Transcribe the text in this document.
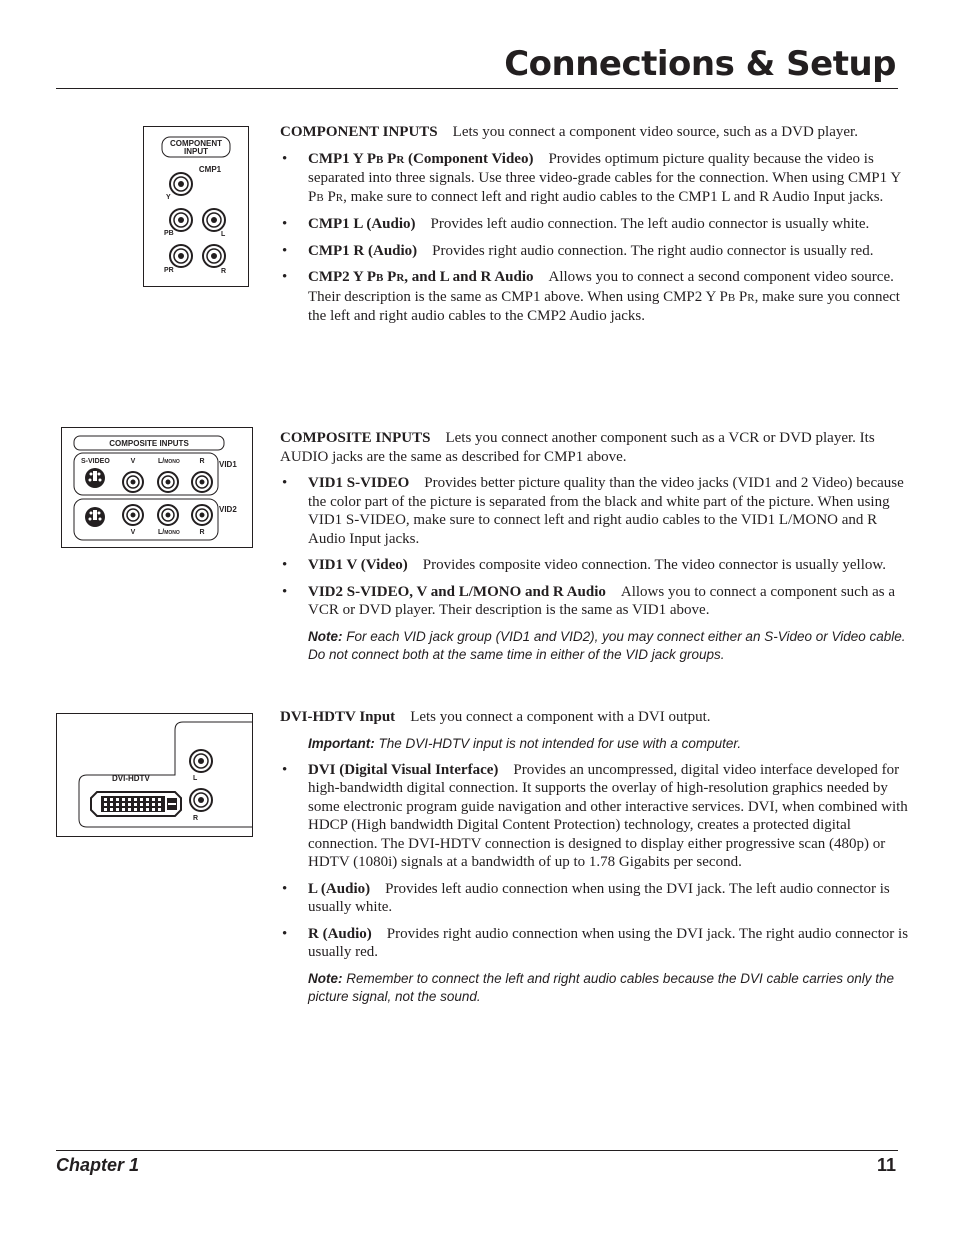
Connections & Setup
COMPONENT
INPUT
CMP1
Y
PB	L
PR	R
COMPOSITE INPUTS
S-VIDEO	V	L/MONO	R VID1
V	L/MONO	R
VID2
DVI-HDTV	L
R

COMPONENT INPUTS Lets you connect a component video source, such as a DVD player.

• CMP1 Y PB PR (Component Video) Provides optimum picture quality because the video is separated into three signals. Use three video-grade cables for the connection. When using CMP1 Y PB PR, make sure to connect left and right audio cables to the CMP1 L and R Audio Input jacks.
• CMP1 L (Audio) Provides left audio connection. The left audio connector is usually white.
• CMP1 R (Audio) Provides right audio connection. The right audio connector is usually red.
• CMP2 Y PB PR, and L and R Audio Allows you to connect a second component video source. Their description is the same as CMP1 above. When using CMP2 Y PB PR, make sure you connect the left and right audio cables to the CMP2 Audio jacks.

COMPOSITE INPUTS Lets you connect another component such as a VCR or DVD player. Its AUDIO jacks are the same as described for CMP1 above.

• VID1 S-VIDEO Provides better picture quality than the video jacks (VID1 and 2 Video) because the color part of the picture is separated from the black and white part of the picture. When using VID1 S-VIDEO, make sure to connect left and right audio cables to the VID1 L/MONO and R Audio Input jacks.
• VID1 V (Video) Provides composite video connection. The video connector is usually yellow.
• VID2 S-VIDEO, V and L/MONO and R Audio Allows you to connect a component such as a VCR or DVD player. Their description is the same as VID1 above.
Note: For each VID jack group (VID1 and VID2), you may connect either an S-Video or Video cable. Do not connect both at the same time in either of the VID jack groups.

DVI-HDTV Input Lets you connect a component with a DVI output.

Important: The DVI-HDTV input is not intended for use with a computer.
• DVI (Digital Visual Interface) Provides an uncompressed, digital video interface developed for high-bandwidth digital connection. It supports the overlay of high-resolution graphics needed by some electronic program guide navigation and other interactive services. DVI, when combined with HDCP (High bandwidth Digital Content Protection) technology, creates a protected digital connection. The DVI-HDTV connection is designed to display either progressive scan (480p) or HDTV (1080i) signals at a bandwidth of up to 1.78 Gigabits per second.
• L (Audio) Provides left audio connection when using the DVI jack. The left audio connector is usually white.
• R (Audio) Provides right audio connection when using the DVI jack. The right audio connector is usually red.
Note: Remember to connect the left and right audio cables because the DVI cable carries only the picture signal, not the sound.
Chapter 1	11
